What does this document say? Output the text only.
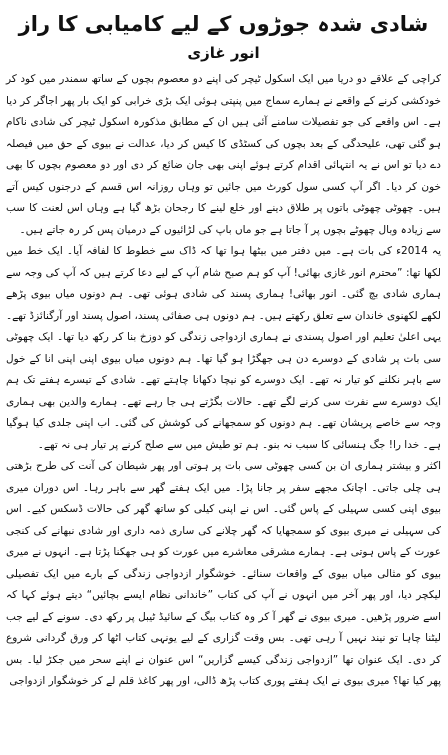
شادی شدہ جوڑوں کے لیے کامیابی کا راز
انور غازی

کراچی کے علاقے دو دریا میں ایک اسکول ٹیچر کی اپنے دو معصوم بچوں کے ساتھ سمندر میں کود کر خودکشی کرنے کے واقعے نے ہمارے سماج میں پنپتی ہوئی ایک بڑی خرابی کو ایک بار پھر اجاگر کر دیا ہے۔ اس واقعے کی جو تفصیلات سامنے آئی ہیں ان کے مطابق مذکورہ اسکول ٹیچر کی شادی ناکام ہو گئی تھی، علیحدگی کے بعد بچوں کی کسٹڈی کا کیس کر دیا، عدالت نے بیوی کے حق میں فیصلہ دے دیا تو اس نے یہ انتہائی اقدام کرتے ہوئے اپنی بھی جان ضائع کر دی اور دو معصوم بچوں کا بھی خون کر دیا۔ اگر آپ کسی سول کورٹ میں جائیں تو وہاں روزانہ اس قسم کے درجنوں کیس آتے ہیں۔ چھوٹی چھوٹی باتوں پر طلاق دینے اور خلع لینے کا رجحان بڑھ گیا ہے وہاں اس لعنت کا سب سے زیادہ وبال چھوٹے بچوں پر آ جاتا ہے جو ماں باپ کی لڑائیوں کے درمیان پس کر رہ جاتے ہیں۔

یہ 2014ء کی بات ہے۔ میں دفتر میں بیٹھا ہوا تھا کہ ڈاک سے خطوط کا لفافہ آیا۔ ایک خط میں لکھا تھا: ”محترم انور غازی بھائی! آپ کو ہم صبح شام آپ کے لیے دعا کرتے ہیں کہ آپ کی وجہ سے ہماری شادی بچ گئی۔ انور بھائی! ہماری پسند کی شادی ہوئی تھی۔ ہم دونوں میاں بیوی پڑھے لکھے لکھنوی خاندان سے تعلق رکھتے ہیں۔ ہم دونوں ہی صفائی پسند، اصول پسند اور آرگنائزڈ تھے۔ یہی اعلیٰ تعلیم اور اصول پسندی نے ہماری ازدواجی زندگی کو دوزخ بنا کر رکھ دیا تھا۔ ایک چھوٹی سی بات پر شادی کے دوسرے دن ہی جھگڑا ہو گیا تھا۔ ہم دونوں میاں بیوی اپنی اپنی انا کے خول سے باہر نکلنے کو تیار نہ تھے۔ ایک دوسرے کو نیچا دکھانا چاہتے تھے۔ شادی کے تیسرے ہفتے تک ہم ایک دوسرے سے نفرت سی کرنے لگے تھے۔ حالات بگڑتے ہی جا رہے تھے۔ ہمارے والدین بھی ہماری وجہ سے خاصے پریشان تھے۔ ہم دونوں کو سمجھانے کی کوشش کی گئی۔ اب اپنی جلدی کیا ہوگیا ہے۔ خدا را! جگ ہنسائی کا سبب نہ بنو۔ ہم تو طیش میں سے صلح کرنے پر تیار ہی نہ تھے۔

اکثر و بیشتر ہماری ان بن کسی چھوٹی سی بات پر ہوتی اور پھر شیطان کی آنت کی طرح بڑھتی ہی چلی جاتی۔ اچانک مجھے سفر پر جانا پڑا۔ میں ایک ہفتے گھر سے باہر رہا۔ اس دوران میری بیوی اپنی کسی سہیلی کے پاس گئی۔ اس نے اپنی کیلی کو ساتھ گھر کی حالات ڈسکس کیے۔ اس کی سہیلی نے میری بیوی کو سمجھایا کہ گھر چلانے کی ساری ذمہ داری اور شادی نبھانے کی کنجی عورت کے پاس ہوتی ہے۔ ہمارے مشرقی معاشرے میں عورت کو ہی جھکنا پڑتا ہے۔ انہوں نے میری بیوی کو مثالی میاں بیوی کے واقعات سنائے۔ خوشگوار ازدواجی زندگی کے بارے میں ایک تفصیلی لیکچر دیا، اور پھر آخر میں انہوں نے آپ کی کتاب ”خاندانی نظام ایسے بچائیں“ دیتے ہوئے کہا کہ اسے ضرور پڑھیں۔ میری بیوی نے گھر آ کر وہ کتاب بیگ کے سائیڈ ٹیبل پر رکھ دی۔ سونے کے لیے جب لیٹنا چاہا تو نیند نہیں آ رہی تھی۔ بس وقت گزاری کے لیے یونہی کتاب اٹھا کر ورق گردانی شروع کر دی۔ ایک عنوان تھا ”ازدواجی زندگی کیسے گزاریں“ اس عنوان نے اپنے سحر میں جکڑ لیا۔ بس پھر کیا تھا؟ میری بیوی نے ایک ہفتے پوری کتاب پڑھ ڈالی، اور پھر کاغذ قلم لے کر خوشگوار ازدواجی
